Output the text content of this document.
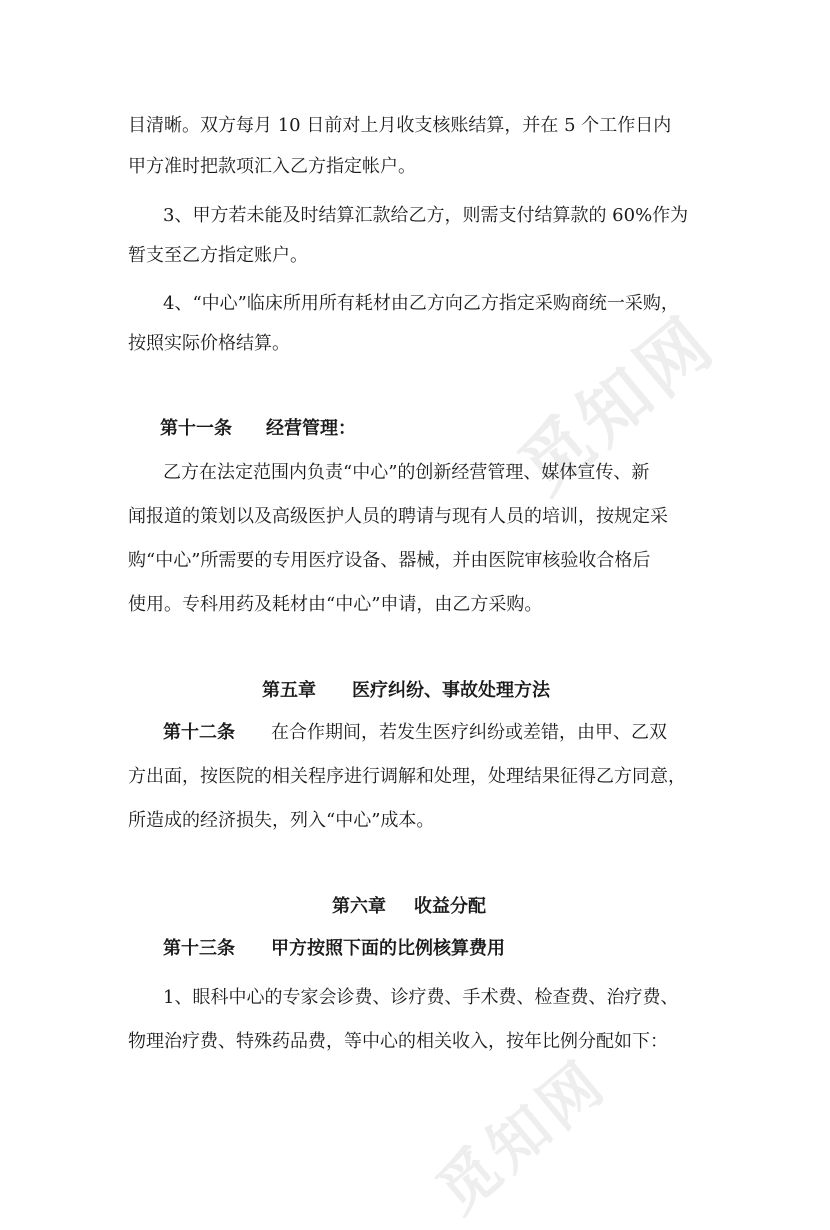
觅知网
觅知网
目清晰。双方每月 10 日前对上月收支核账结算，并在 5 个工作日内
甲方准时把款项汇入乙方指定帐户。
3、甲方若未能及时结算汇款给乙方，则需支付结算款的 60%作为
暂支至乙方指定账户。
4、“中心”临床所用所有耗材由乙方向乙方指定采购商统一采购，
按照实际价格结算。
第十一条 经营管理：
乙方在法定范围内负责“中心”的创新经营管理、媒体宣传、新
闻报道的策划以及高级医护人员的聘请与现有人员的培训，按规定采
购“中心”所需要的专用医疗设备、器械，并由医院审核验收合格后
使用。专科用药及耗材由“中心”申请，由乙方采购。
第五章 医疗纠纷、事故处理方法
第十二条 在合作期间，若发生医疗纠纷或差错，由甲、乙双
方出面，按医院的相关程序进行调解和处理，处理结果征得乙方同意，
所造成的经济损失，列入“中心”成本。
第六章 收益分配
第十三条 甲方按照下面的比例核算费用
1、眼科中心的专家会诊费、诊疗费、手术费、检查费、治疗费、
物理治疗费、特殊药品费，等中心的相关收入，按年比例分配如下：
